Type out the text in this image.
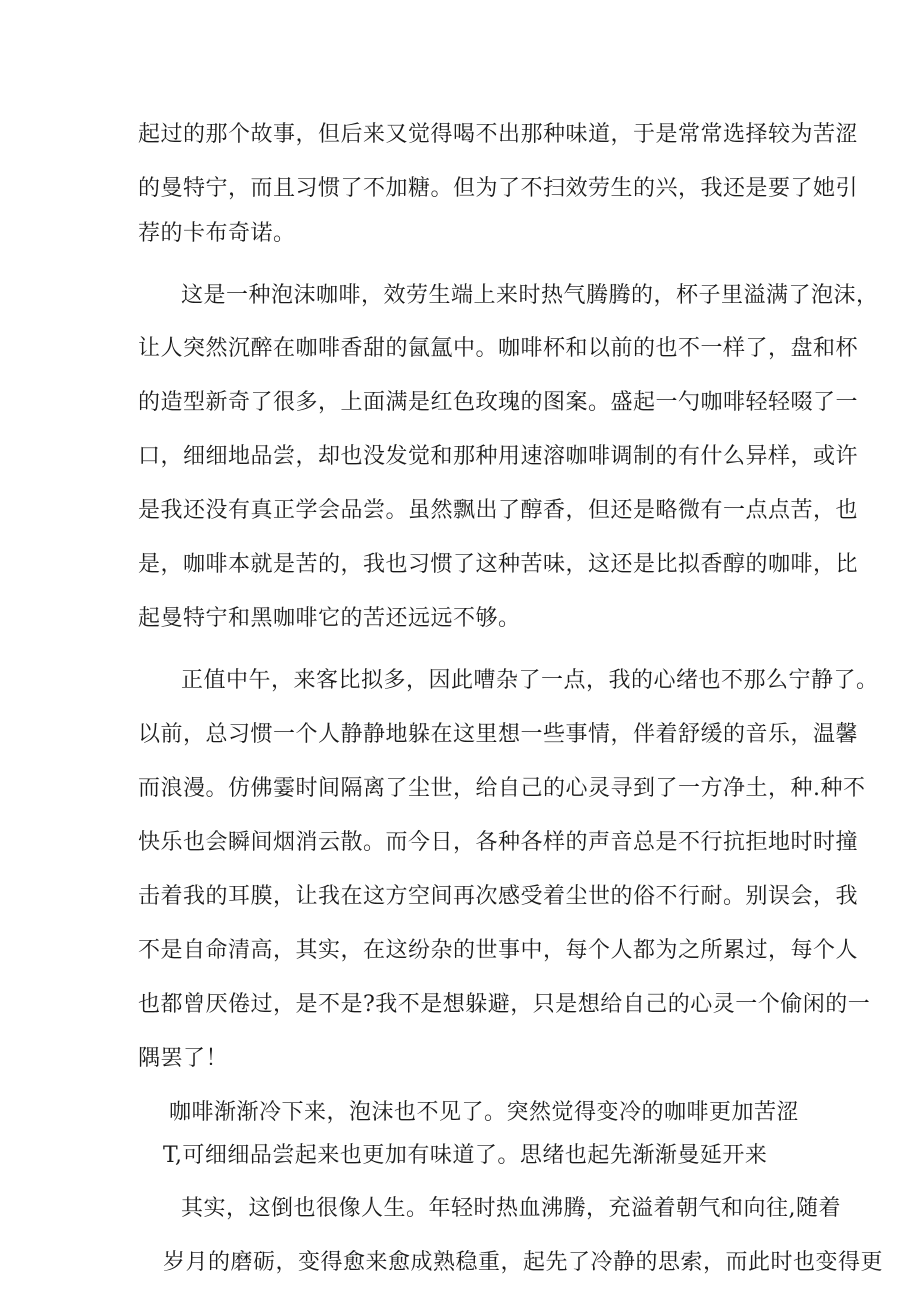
起过的那个故事，但后来又觉得喝不出那种味道，于是常常选择较为苦涩
的曼特宁，而且习惯了不加糖。但为了不扫效劳生的兴，我还是要了她引
荐的卡布奇诺。
这是一种泡沫咖啡，效劳生端上来时热气腾腾的，杯子里溢满了泡沫，
让人突然沉醉在咖啡香甜的氤氲中。咖啡杯和以前的也不一样了，盘和杯
的造型新奇了很多，上面满是红色玫瑰的图案。盛起一勺咖啡轻轻啜了一
口，细细地品尝，却也没发觉和那种用速溶咖啡调制的有什么异样，或许
是我还没有真正学会品尝。虽然飘出了醇香，但还是略微有一点点苦，也
是，咖啡本就是苦的，我也习惯了这种苦味，这还是比拟香醇的咖啡，比
起曼特宁和黑咖啡它的苦还远远不够。
正值中午，来客比拟多，因此嘈杂了一点，我的心绪也不那么宁静了。
以前，总习惯一个人静静地躲在这里想一些事情，伴着舒缓的音乐，温馨
而浪漫。仿佛霎时间隔离了尘世，给自己的心灵寻到了一方净土，种.种不
快乐也会瞬间烟消云散。而今日，各种各样的声音总是不行抗拒地时时撞
击着我的耳膜，让我在这方空间再次感受着尘世的俗不行耐。别误会，我
不是自命清高，其实，在这纷杂的世事中，每个人都为之所累过，每个人
也都曾厌倦过，是不是?我不是想躲避，只是想给自己的心灵一个偷闲的一
隅罢了！
咖啡渐渐冷下来，泡沫也不见了。突然觉得变冷的咖啡更加苦涩
T,可细细品尝起来也更加有味道了。思绪也起先渐渐曼延开来
其实，这倒也很像人生。年轻时热血沸腾，充溢着朝气和向往,随着
岁月的磨砺，变得愈来愈成熟稳重，起先了冷静的思索，而此时也变得更
